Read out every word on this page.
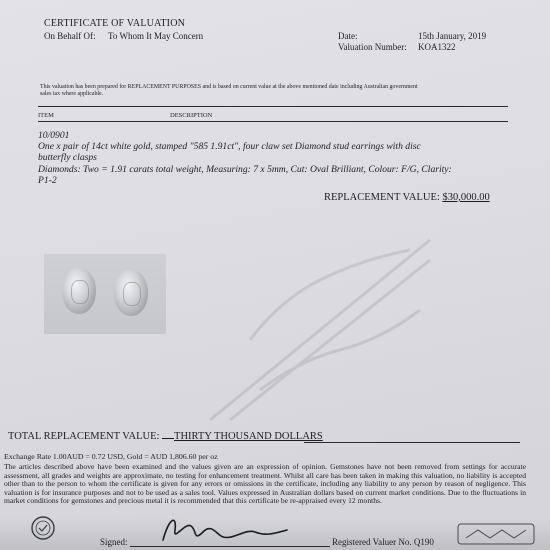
CERTIFICATE OF VALUATION
On Behalf Of: To Whom It May Concern	Date:	15th January, 2019
Valuation Number: KOA1322
This valuation has been prepared for REPLACEMENT PURPOSES and is based on current value at the above mentioned date including Australian government
sales tax where applicable.
ITEM	DESCRIPTION

10/0901

One x pair of 14ct white gold, stamped "585 1.91ct", four claw set Diamond stud earrings with disc

butterfly clasps

Diamonds: Two = 1.91 carats total weight, Measuring: 7 x 5mm, Cut: Oval Brilliant, Colour: F/G, Clarity:

P1-2

REPLACEMENT VALUE: $30,000.00
TOTAL REPLACEMENT VALUE: THIRTY THOUSAND DOLLARS
Exchange Rate 1.00AUD = 0.72 USD, Gold = AUD 1,806.60 per oz
The articles described above have been examined and the values given are an expression of opinion. Gemstones have not been removed from settings for accurate assessment, all grades and weights are approximate, no testing for enhancement treatment. Whilst all care has been taken in making this valuation, no liability is accepted other than to the person to whom the certificate is given for any errors or omissions in the certificate, including any liability to any person by reason of negligence. This valuation is for insurance purposes and not to be used as a sales tool. Values expressed in Australian dollars based on current market conditions. Due to the fluctuations in market conditions for gemstones and precious metal it is recommended that this certificate be re-appraised every 12 months.
Signed:	Registered Valuer No. Q190
